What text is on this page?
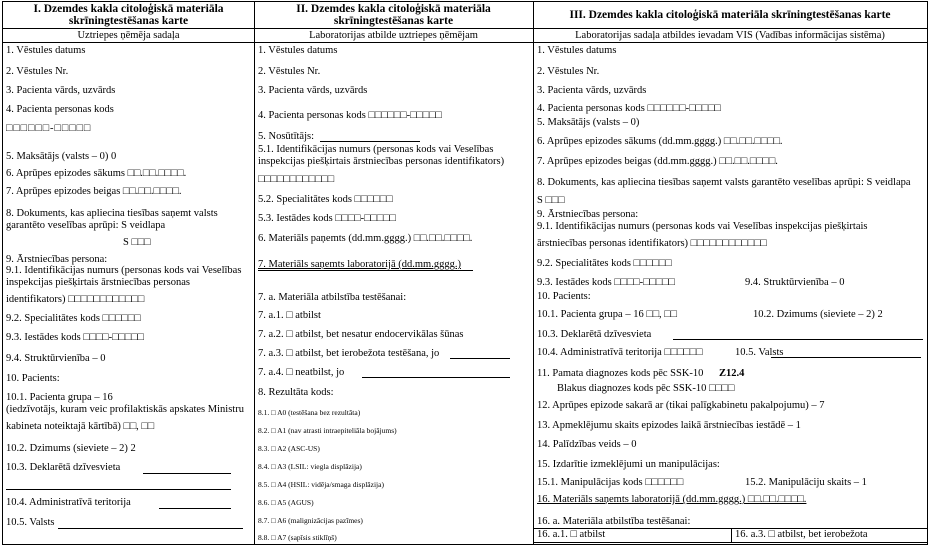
I. Dzemdes kakla citoloģiskā materiāla skrīningtestēšanas karte
Uztriepes ņēmēja sadaļa
1. Vēstules datums
2. Vēstules Nr.
3. Pacienta vārds, uzvārds
4. Pacienta personas kods
□□□□□□-□□□□□
5. Maksātājs (valsts – 0) 0
6. Aprūpes epizodes sākums □□.□□.□□□□.
7. Aprūpes epizodes beigas □□.□□.□□□□.
8. Dokuments, kas apliecina tiesības saņemt valsts
garantēto veselības aprūpi: S veidlapa
S □□□
9. Ārstniecības persona:
9.1. Identifikācijas numurs (personas kods vai Veselības
inspekcijas piešķirtais ārstniecības personas
identifikators) □□□□□□□□□□□□
9.2. Specialitātes kods □□□□□□
9.3. Iestādes kods □□□□-□□□□□
9.4. Struktūrvienība – 0
10. Pacients:
10.1. Pacienta grupa – 16
(iedzīvotājs, kuram veic profilaktiskās apskates Ministru
kabineta noteiktajā kārtībā) □□, □□
10.2. Dzimums (sieviete – 2) 2
10.3. Deklarētā dzīvesvieta
10.4. Administratīvā teritorija
10.5. Valsts
II. Dzemdes kakla citoloģiskā materiāla skrīningtestēšanas karte
Laboratorijas atbilde uztriepes ņēmējam
1. Vēstules datums
2. Vēstules Nr.
3. Pacienta vārds, uzvārds
4. Pacienta personas kods □□□□□□-□□□□□
5. Nosūtītājs:
5.1. Identifikācijas numurs (personas kods vai Veselības
inspekcijas piešķirtais ārstniecības personas identifikators)
□□□□□□□□□□□□
5.2. Specialitātes kods □□□□□□
5.3. Iestādes kods □□□□-□□□□□
6. Materiāls paņemts (dd.mm.gggg.) □□.□□.□□□□.
7. Materiāls saņemts laboratorijā (dd.mm.gggg.)
7. a. Materiāla atbilstība testēšanai:
7. a.1. □ atbilst
7. a.2. □ atbilst, bet nesatur endocervikālas šūnas
7. a.3. □ atbilst, bet ierobežota testēšana, jo
7. a.4. □ neatbilst, jo
8. Rezultāta kods:
8.1. □ A0 (testēšana bez rezultāta)
8.2. □ A1 (nav atrasti intraepiteliāla bojājums)
8.3. □ A2 (ASC-US)
8.4. □ A3 (LSIL: viegla displāzija)
8.5. □ A4 (HSIL: vidēja/smaga displāzija)
8.6. □ A5 (AGUS)
8.7. □ A6 (malignizācijas pazīmes)
8.8. □ A7 (sapīsis stiklīņš)
III. Dzemdes kakla citoloģiskā materiāla skrīningtestēšanas karte
Laboratorijas sadaļa atbildes ievadam VIS (Vadības informācijas sistēma)
1. Vēstules datums
2. Vēstules Nr.
3. Pacienta vārds, uzvārds
4. Pacienta personas kods □□□□□□-□□□□□
5. Maksātājs (valsts – 0)
6. Aprūpes epizodes sākums (dd.mm.gggg.) □□.□□.□□□□.
7. Aprūpes epizodes beigas (dd.mm.gggg.) □□.□□.□□□□.
8. Dokuments, kas apliecina tiesības saņemt valsts garantēto veselības aprūpi: S veidlapa
S □□□
9. Ārstniecības persona:
9.1. Identifikācijas numurs (personas kods vai Veselības inspekcijas piešķirtais
ārstniecības personas identifikators) □□□□□□□□□□□□
9.2. Specialitātes kods □□□□□□
9.3. Iestādes kods □□□□-□□□□□	9.4. Struktūrvienība – 0
10. Pacients:
10.1. Pacienta grupa – 16 □□, □□	10.2. Dzimums (sieviete – 2) 2
10.3. Deklarētā dzīvesvieta
10.4. Administratīvā teritorija □□□□□□	10.5. Valsts
11. Pamata diagnozes kods pēc SSK-10 Z12.4
Blakus diagnozes kods pēc SSK-10 □□□□
12. Aprūpes epizode sakarā ar (tikai palīgkabinetu pakalpojumu) – 7
13. Apmeklējumu skaits epizodes laikā ārstniecības iestādē – 1
14. Palīdzības veids – 0
15. Izdarītie izmeklējumi un manipulācijas:
15.1. Manipulācijas kods □□□□□□	15.2. Manipulāciju skaits – 1
16. Materiāls saņemts laboratorijā (dd.mm.gggg.) □□.□□.□□□□.
16. a. Materiāla atbilstība testēšanai:
16. a.1. □ atbilst	16. a.3. □ atbilst, bet ierobežota
